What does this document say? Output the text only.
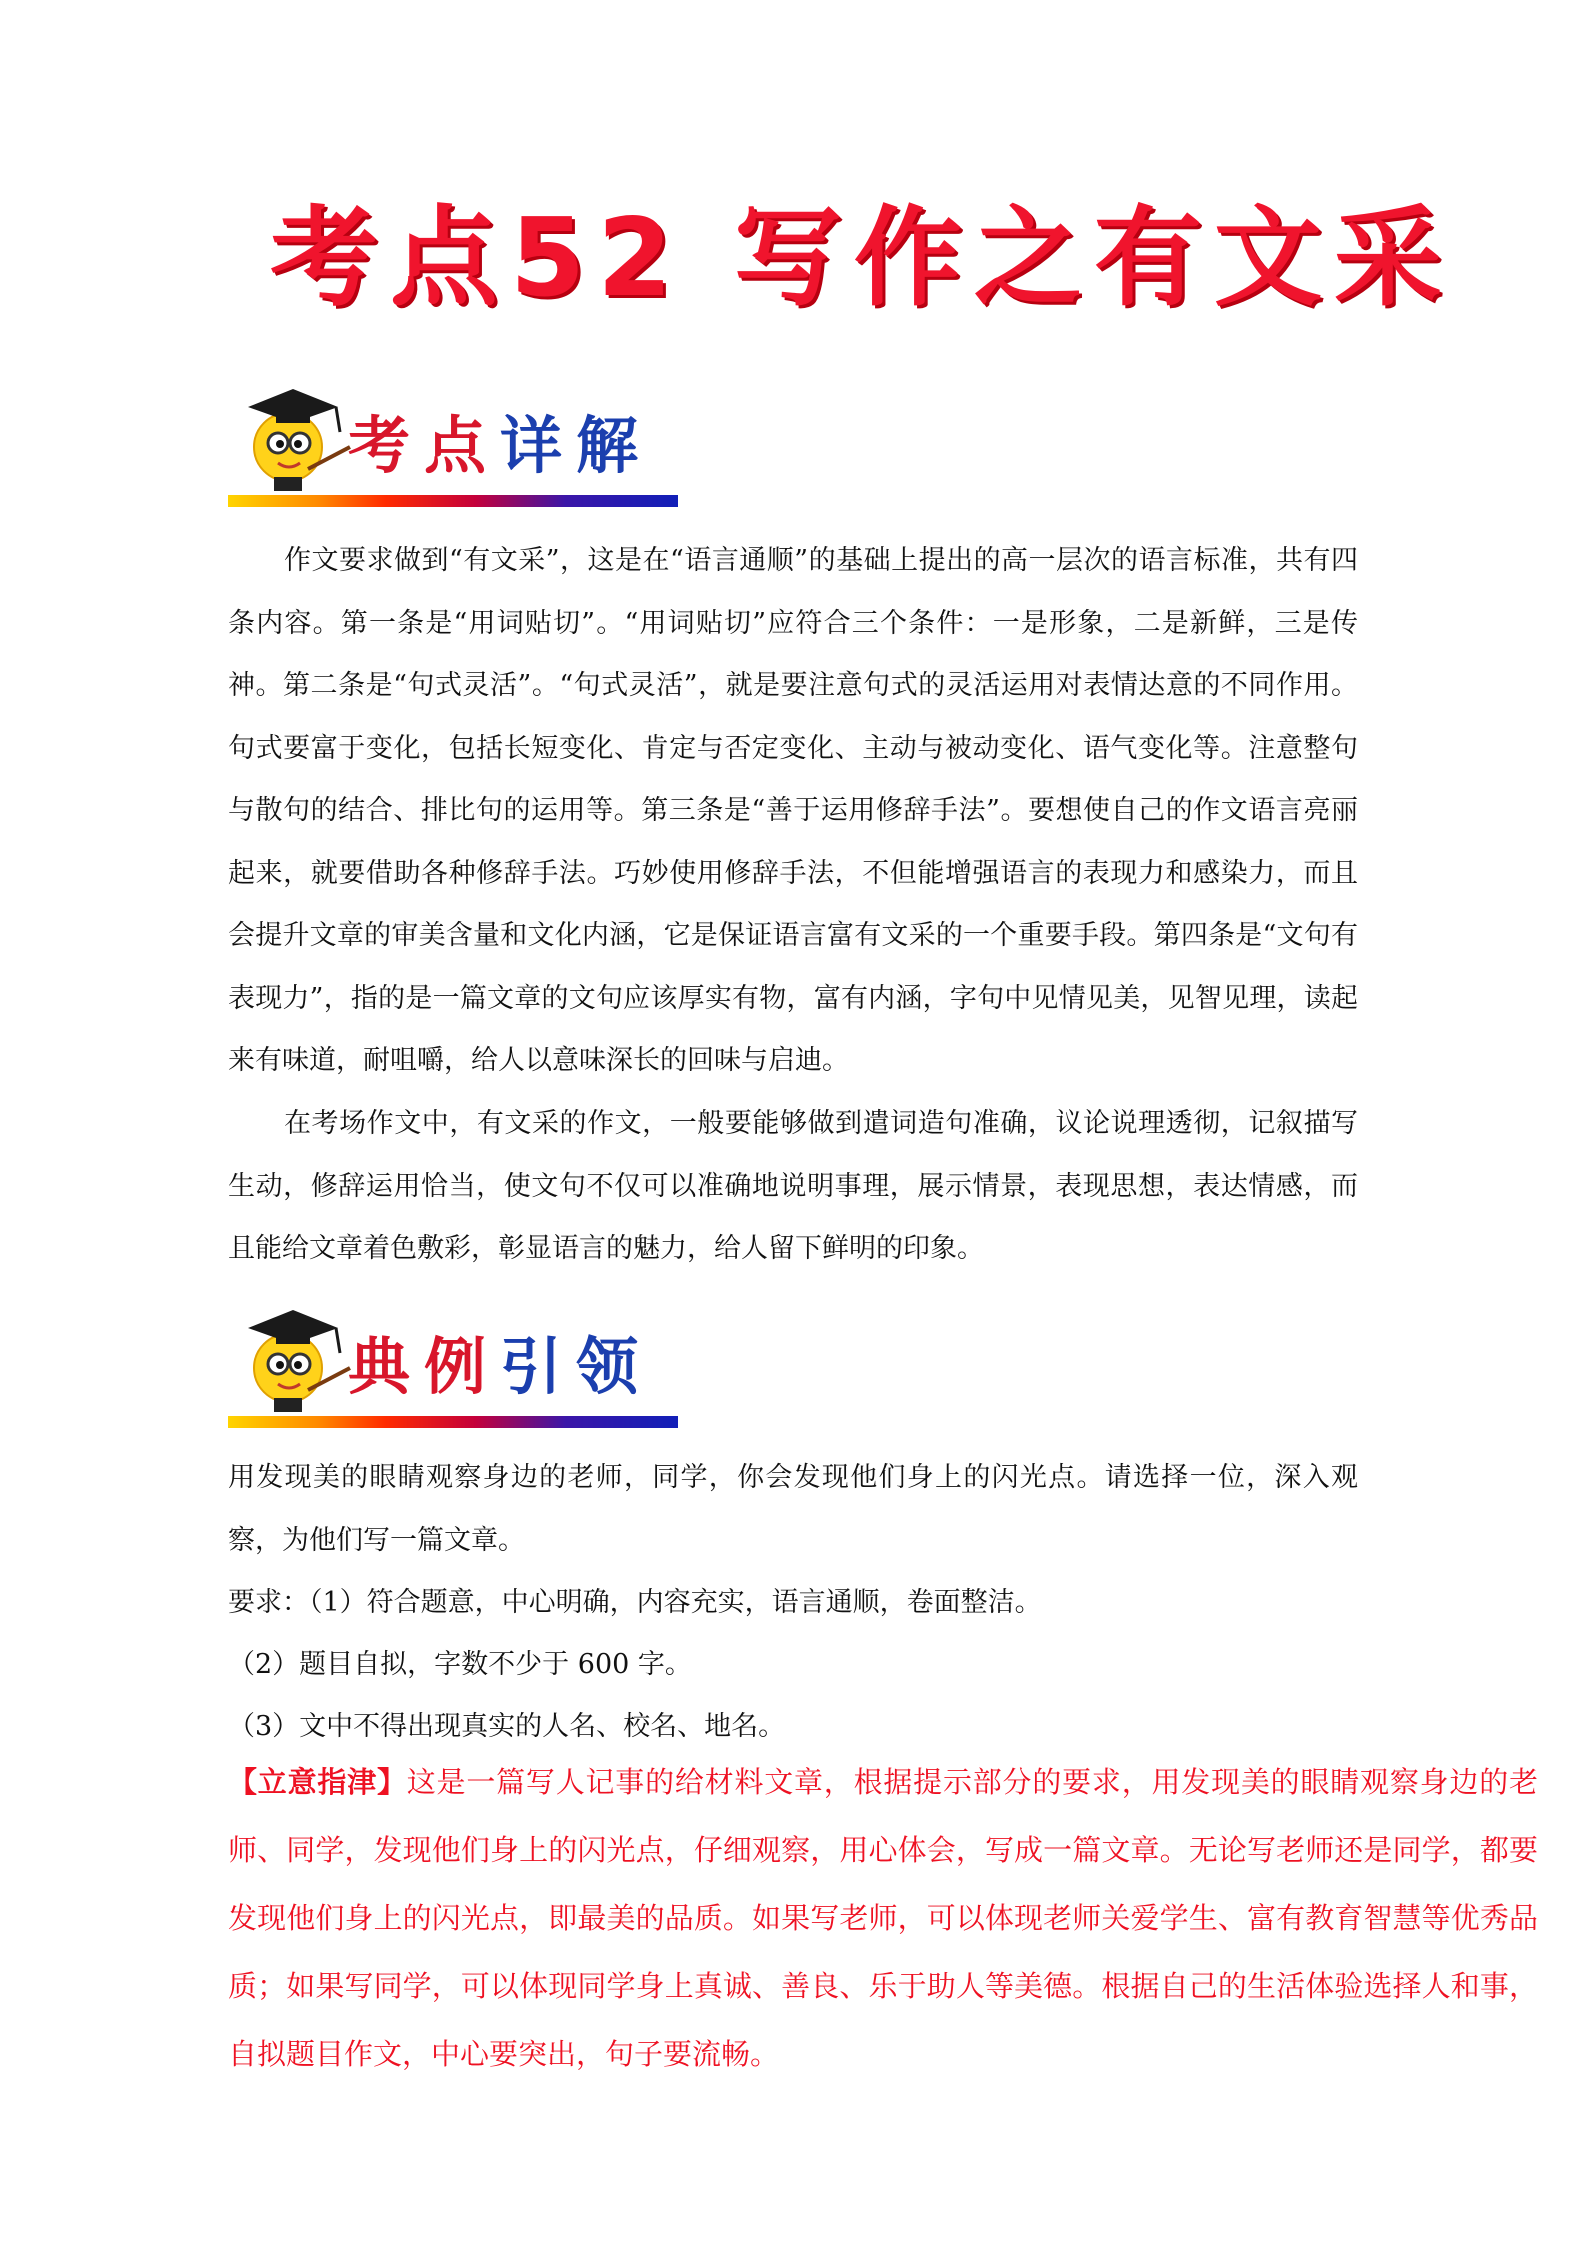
考点52 写作之有文采
考点详解

作文要求做到“有文采”，这是在“语言通顺”的基础上提出的高一层次的语言标准，共有四条内容。第一条是“用词贴切”。“用词贴切”应符合三个条件：一是形象，二是新鲜，三是传神。第二条是“句式灵活”。“句式灵活”，就是要注意句式的灵活运用对表情达意的不同作用。句式要富于变化，包括长短变化、肯定与否定变化、主动与被动变化、语气变化等。注意整句与散句的结合、排比句的运用等。第三条是“善于运用修辞手法”。要想使自己的作文语言亮丽起来，就要借助各种修辞手法。巧妙使用修辞手法，不但能增强语言的表现力和感染力，而且会提升文章的审美含量和文化内涵，它是保证语言富有文采的一个重要手段。第四条是“文句有表现力”，指的是一篇文章的文句应该厚实有物，富有内涵，字句中见情见美，见智见理，读起来有味道，耐咀嚼，给人以意味深长的回味与启迪。

在考场作文中，有文采的作文，一般要能够做到遣词造句准确，议论说理透彻，记叙描写生动，修辞运用恰当，使文句不仅可以准确地说明事理，展示情景，表现思想，表达情感，而且能给文章着色敷彩，彰显语言的魅力，给人留下鲜明的印象。

典例引领

用发现美的眼睛观察身边的老师，同学，你会发现他们身上的闪光点。请选择一位，深入观察，为他们写一篇文章。

要求：（1）符合题意，中心明确，内容充实，语言通顺，卷面整洁。

（2）题目自拟，字数不少于 600 字。

（3）文中不得出现真实的人名、校名、地名。

【立意指津】这是一篇写人记事的给材料文章，根据提示部分的要求，用发现美的眼睛观察身边的老师、同学，发现他们身上的闪光点，仔细观察，用心体会，写成一篇文章。无论写老师还是同学，都要发现他们身上的闪光点，即最美的品质。如果写老师，可以体现老师关爱学生、富有教育智慧等优秀品质；如果写同学，可以体现同学身上真诚、善良、乐于助人等美德。根据自己的生活体验选择人和事，自拟题目作文，中心要突出，句子要流畅。
